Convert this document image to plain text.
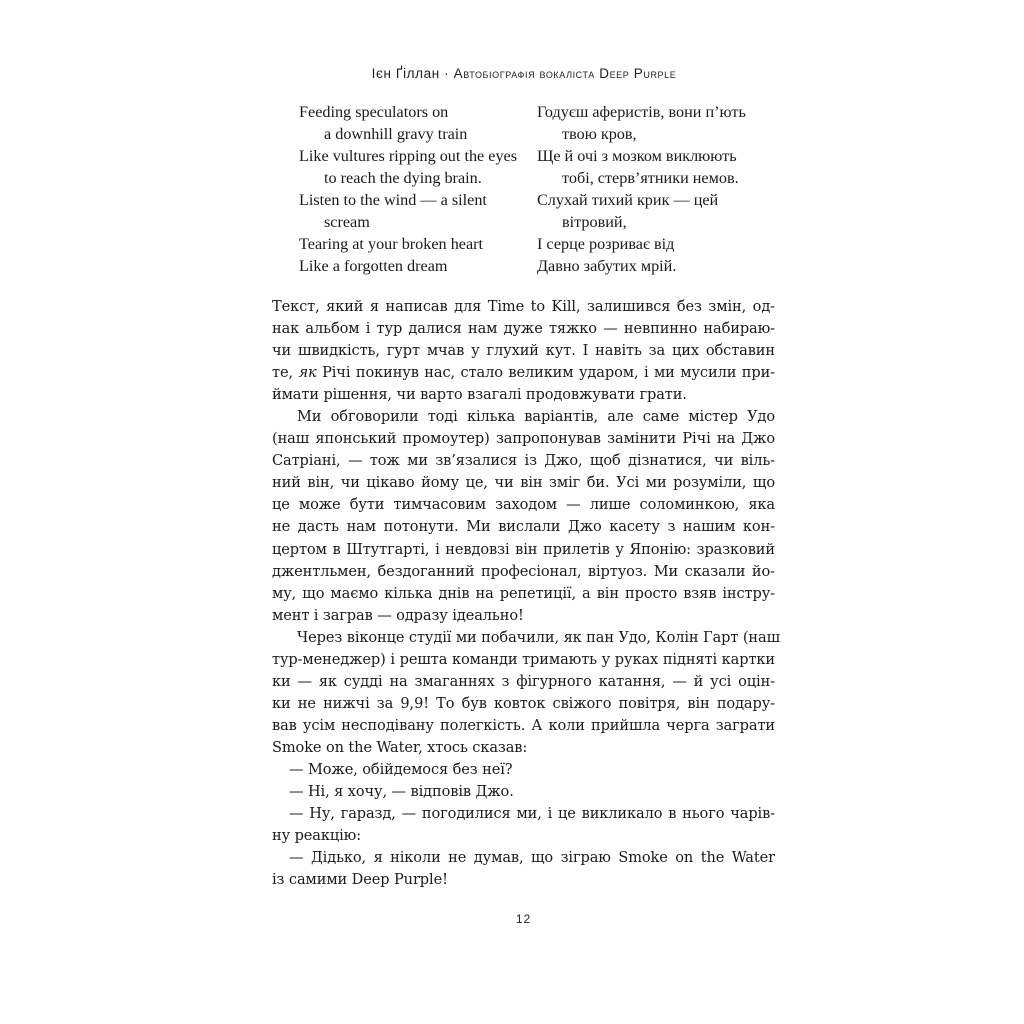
Ієн Ґіллан · Автобіографія вокаліста Deep Purple
Feeding speculators on
a downhill gravy train
Like vultures ripping out the eyes
to reach the dying brain.
Listen to the wind — a silent
scream
Tearing at your broken heart
Like a forgotten dream
Годуєш аферистів, вони п’ють
твою кров,
Ще й очі з мозком виклюють
тобі, стерв’ятники немов.
Слухай тихий крик — цей
вітровий,
І серце розриває від
Давно забутих мрій.

Текст, який я написав для Time to Kill, залишився без змін, од-
нак альбом і тур далися нам дуже тяжко — невпинно набираю-
чи швидкість, гурт мчав у глухий кут. І навіть за цих обставин
те, як Річі покинув нас, стало великим ударом, і ми мусили при-
ймати рішення, чи варто взагалі продовжувати грати.

Ми обговорили тоді кілька варіантів, але саме містер Удо
(наш японський промоутер) запропонував замінити Річі на Джо
Сатріані, — тож ми зв’язалися із Джо, щоб дізнатися, чи віль-
ний він, чи цікаво йому це, чи він зміг би. Усі ми розуміли, що
це може бути тимчасовим заходом — лише соломинкою, яка
не дасть нам потонути. Ми вислали Джо касету з нашим кон-
цертом в Штутгарті, і невдовзі він прилетів у Японію: зразковий
джентльмен, бездоганний професіонал, віртуоз. Ми сказали йо-
му, що маємо кілька днів на репетиції, а він просто взяв інстру-
мент і заграв — одразу ідеально!

Через віконце студії ми побачили, як пан Удо, Колін Гарт (наш
тур-менеджер) і решта команди тримають у руках підняті картки
ки — як судді на змаганнях з фігурного катання, — й усі оцін-
ки не нижчі за 9,9! То був ковток свіжого повітря, він подару-
вав усім несподівану полегкість. А коли прийшла черга заграти
Smoke on the Water, хтось сказав:

— Може, обійдемося без неї?

— Ні, я хочу, — відповів Джо.

— Ну, гаразд, — погодилися ми, і це викликало в нього чарів-
ну реакцію:

— Дідько, я ніколи не думав, що зіграю Smoke on the Water
із самими Deep Purple!

12
